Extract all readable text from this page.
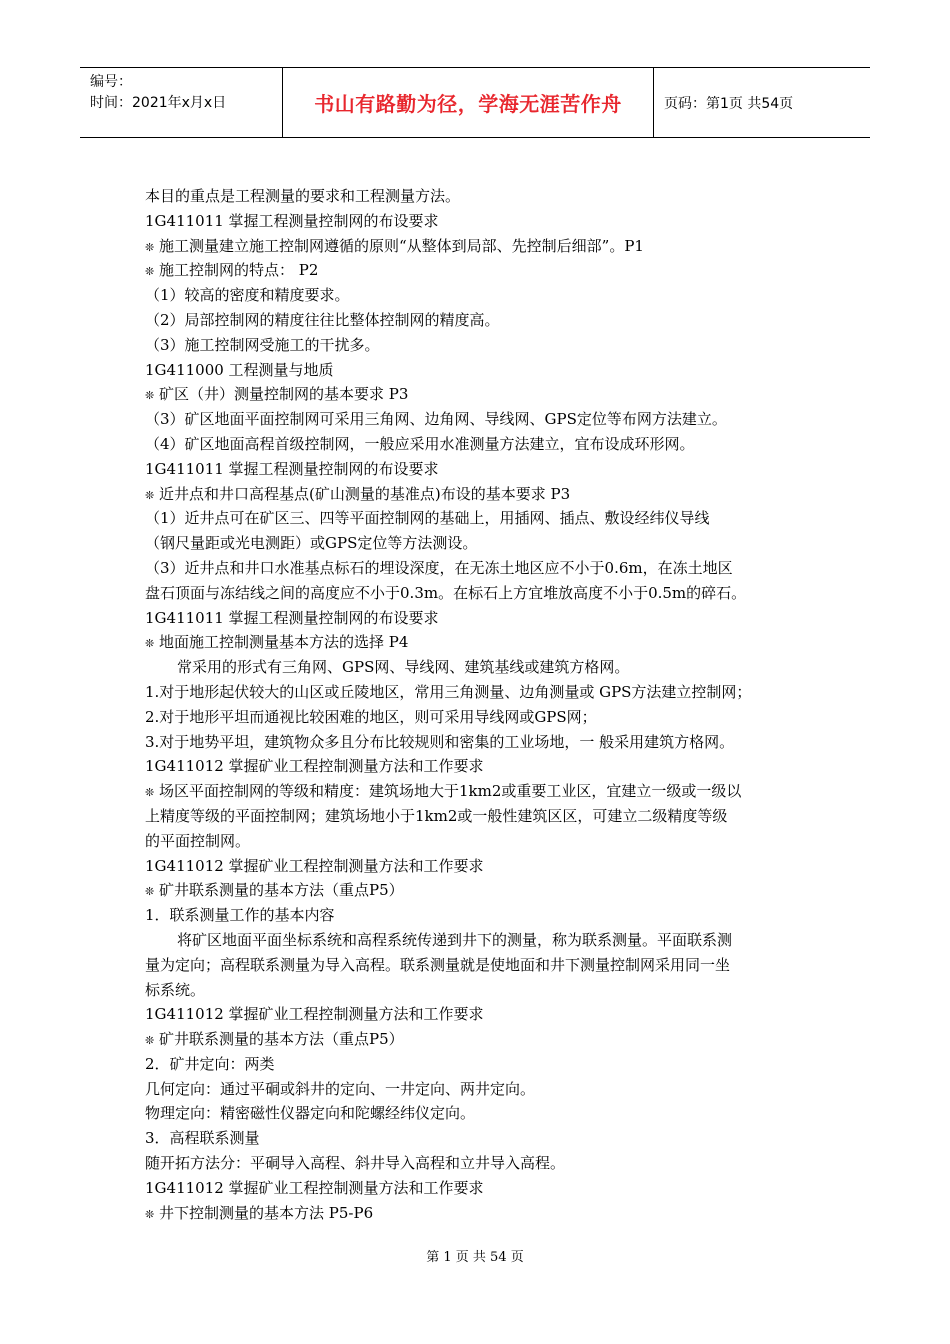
编号：
时间：2021年x月x日	书山有路勤为径，学海无涯苦作舟	页码：第1页 共54页
本目的重点是工程测量的要求和工程测量方法。
1G411011 掌握工程测量控制网的布设要求
❊ 施工测量建立施工控制网遵循的原则“从整体到局部、先控制后细部”。P1
❊ 施工控制网的特点： P2
（1）较高的密度和精度要求。
（2）局部控制网的精度往往比整体控制网的精度高。
（3）施工控制网受施工的干扰多。
1G411000 工程测量与地质
❊ 矿区（井）测量控制网的基本要求 P3
（3）矿区地面平面控制网可采用三角网、边角网、导线网、GPS定位等布网方法建立。
（4）矿区地面高程首级控制网，一般应采用水准测量方法建立，宜布设成环形网。
1G411011 掌握工程测量控制网的布设要求
❊ 近井点和井口高程基点(矿山测量的基准点)布设的基本要求 P3
（1）近井点可在矿区三、四等平面控制网的基础上，用插网、插点、敷设经纬仪导线
（钢尺量距或光电测距）或GPS定位等方法测设。
（3）近井点和井口水准基点标石的埋设深度，在无冻土地区应不小于0.6m，在冻土地区
盘石顶面与冻结线之间的高度应不小于0.3m。在标石上方宜堆放高度不小于0.5m的碎石。
1G411011 掌握工程测量控制网的布设要求
❊ 地面施工控制测量基本方法的选择 P4
常采用的形式有三角网、GPS网、导线网、建筑基线或建筑方格网。
1.对于地形起伏较大的山区或丘陵地区，常用三角测量、边角测量或 GPS方法建立控制网；
2.对于地形平坦而通视比较困难的地区，则可采用导线网或GPS网；
3.对于地势平坦，建筑物众多且分布比较规则和密集的工业场地，一 般采用建筑方格网。
1G411012 掌握矿业工程控制测量方法和工作要求
❊ 场区平面控制网的等级和精度：建筑场地大于1km2或重要工业区，宜建立一级或一级以
上精度等级的平面控制网；建筑场地小于1km2或一般性建筑区区，可建立二级精度等级
的平面控制网。
1G411012 掌握矿业工程控制测量方法和工作要求
❊ 矿井联系测量的基本方法（重点P5）
1．联系测量工作的基本内容
将矿区地面平面坐标系统和高程系统传递到井下的测量，称为联系测量。平面联系测
量为定向；高程联系测量为导入高程。联系测量就是使地面和井下测量控制网采用同一坐
标系统。
1G411012 掌握矿业工程控制测量方法和工作要求
❊ 矿井联系测量的基本方法（重点P5）
2．矿井定向：两类
几何定向：通过平硐或斜井的定向、一井定向、两井定向。
物理定向：精密磁性仪器定向和陀螺经纬仪定向。
3．高程联系测量
随开拓方法分：平硐导入高程、斜井导入高程和立井导入高程。
1G411012 掌握矿业工程控制测量方法和工作要求
❊ 井下控制测量的基本方法 P5-P6
第 1 页 共 54 页
